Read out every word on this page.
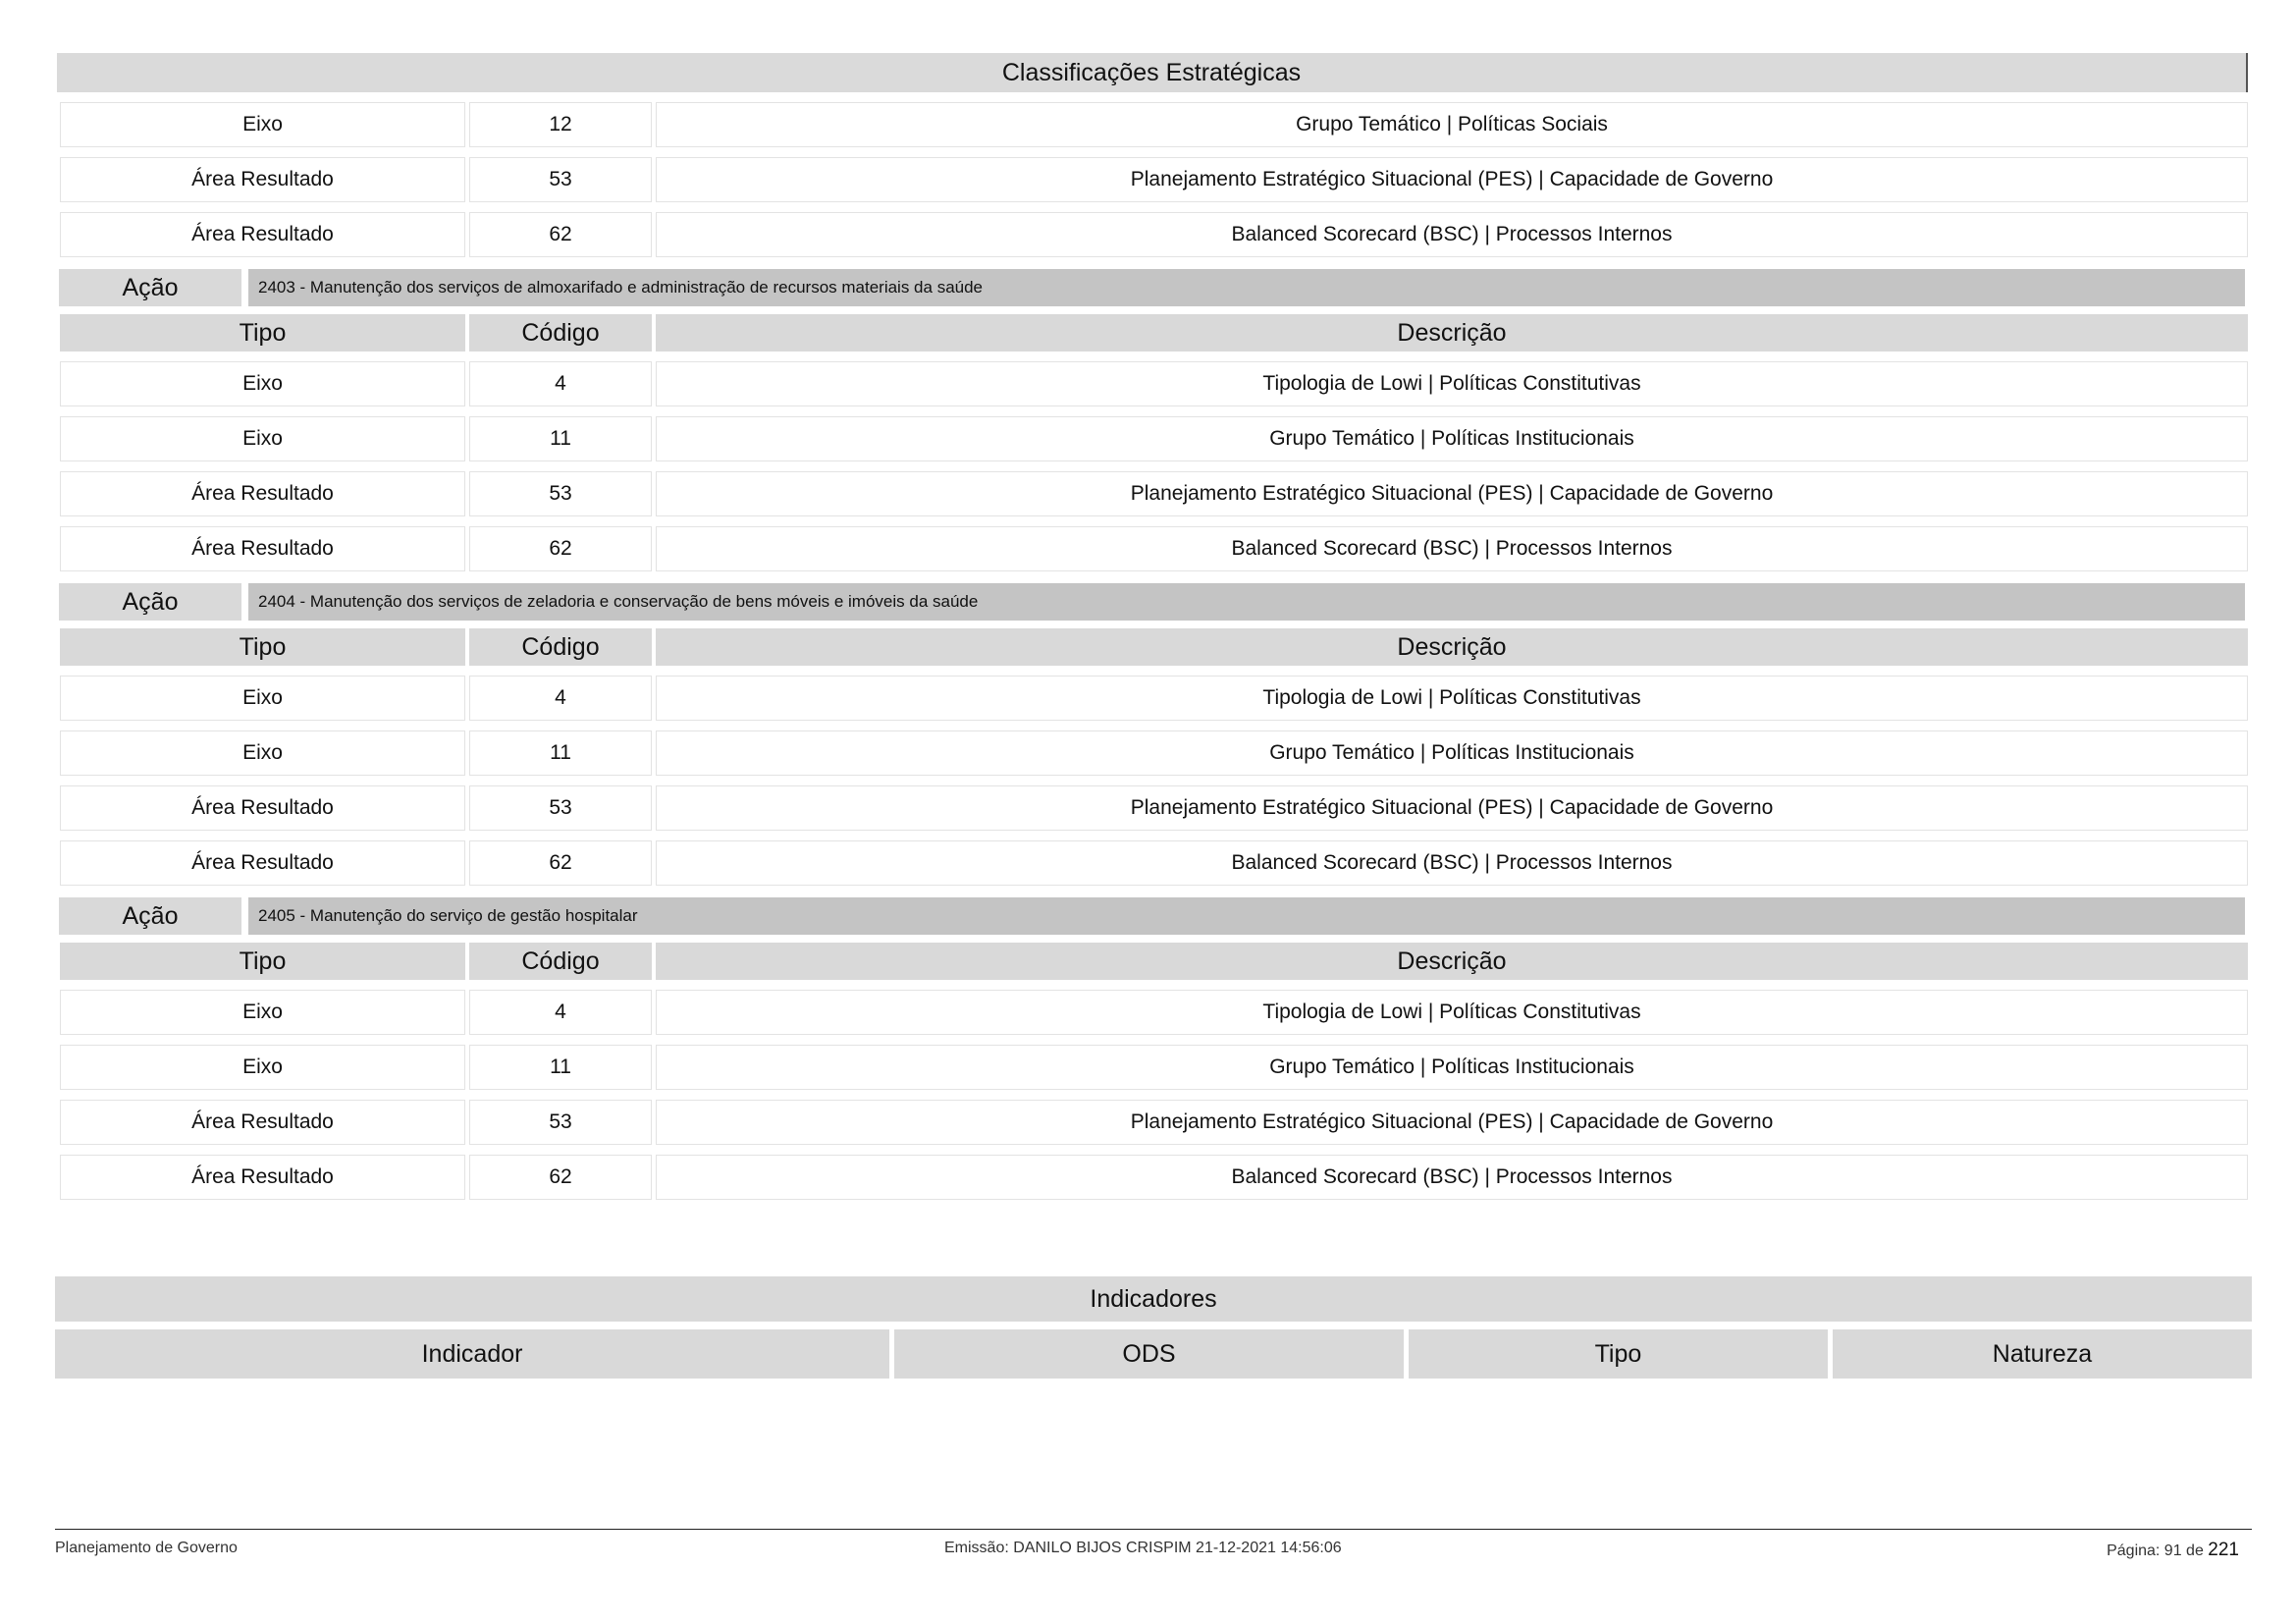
Classificações Estratégicas
Eixo	12	Grupo Temático | Políticas Sociais
Área Resultado	53	Planejamento Estratégico Situacional (PES) | Capacidade de Governo
Área Resultado	62	Balanced Scorecard (BSC) | Processos Internos
Ação	2403 - Manutenção dos serviços de almoxarifado e administração de recursos materiais da saúde
Tipo	Código	Descrição
Eixo	4	Tipologia de Lowi | Políticas Constitutivas
Eixo	11	Grupo Temático | Políticas Institucionais
Área Resultado	53	Planejamento Estratégico Situacional (PES) | Capacidade de Governo
Área Resultado	62	Balanced Scorecard (BSC) | Processos Internos
Ação	2404 - Manutenção dos serviços de zeladoria e conservação de bens móveis e imóveis da saúde
Tipo	Código	Descrição
Eixo	4	Tipologia de Lowi | Políticas Constitutivas
Eixo	11	Grupo Temático | Políticas Institucionais
Área Resultado	53	Planejamento Estratégico Situacional (PES) | Capacidade de Governo
Área Resultado	62	Balanced Scorecard (BSC) | Processos Internos
Ação	2405 - Manutenção do serviço de gestão hospitalar
Tipo	Código	Descrição
Eixo	4	Tipologia de Lowi | Políticas Constitutivas
Eixo	11	Grupo Temático | Políticas Institucionais
Área Resultado	53	Planejamento Estratégico Situacional (PES) | Capacidade de Governo
Área Resultado	62	Balanced Scorecard (BSC) | Processos Internos
Indicadores
Indicador	ODS	Tipo	Natureza
Planejamento de Governo	Emissão: DANILO BIJOS CRISPIM 21-12-2021 14:56:06	Página: 91 de 221
